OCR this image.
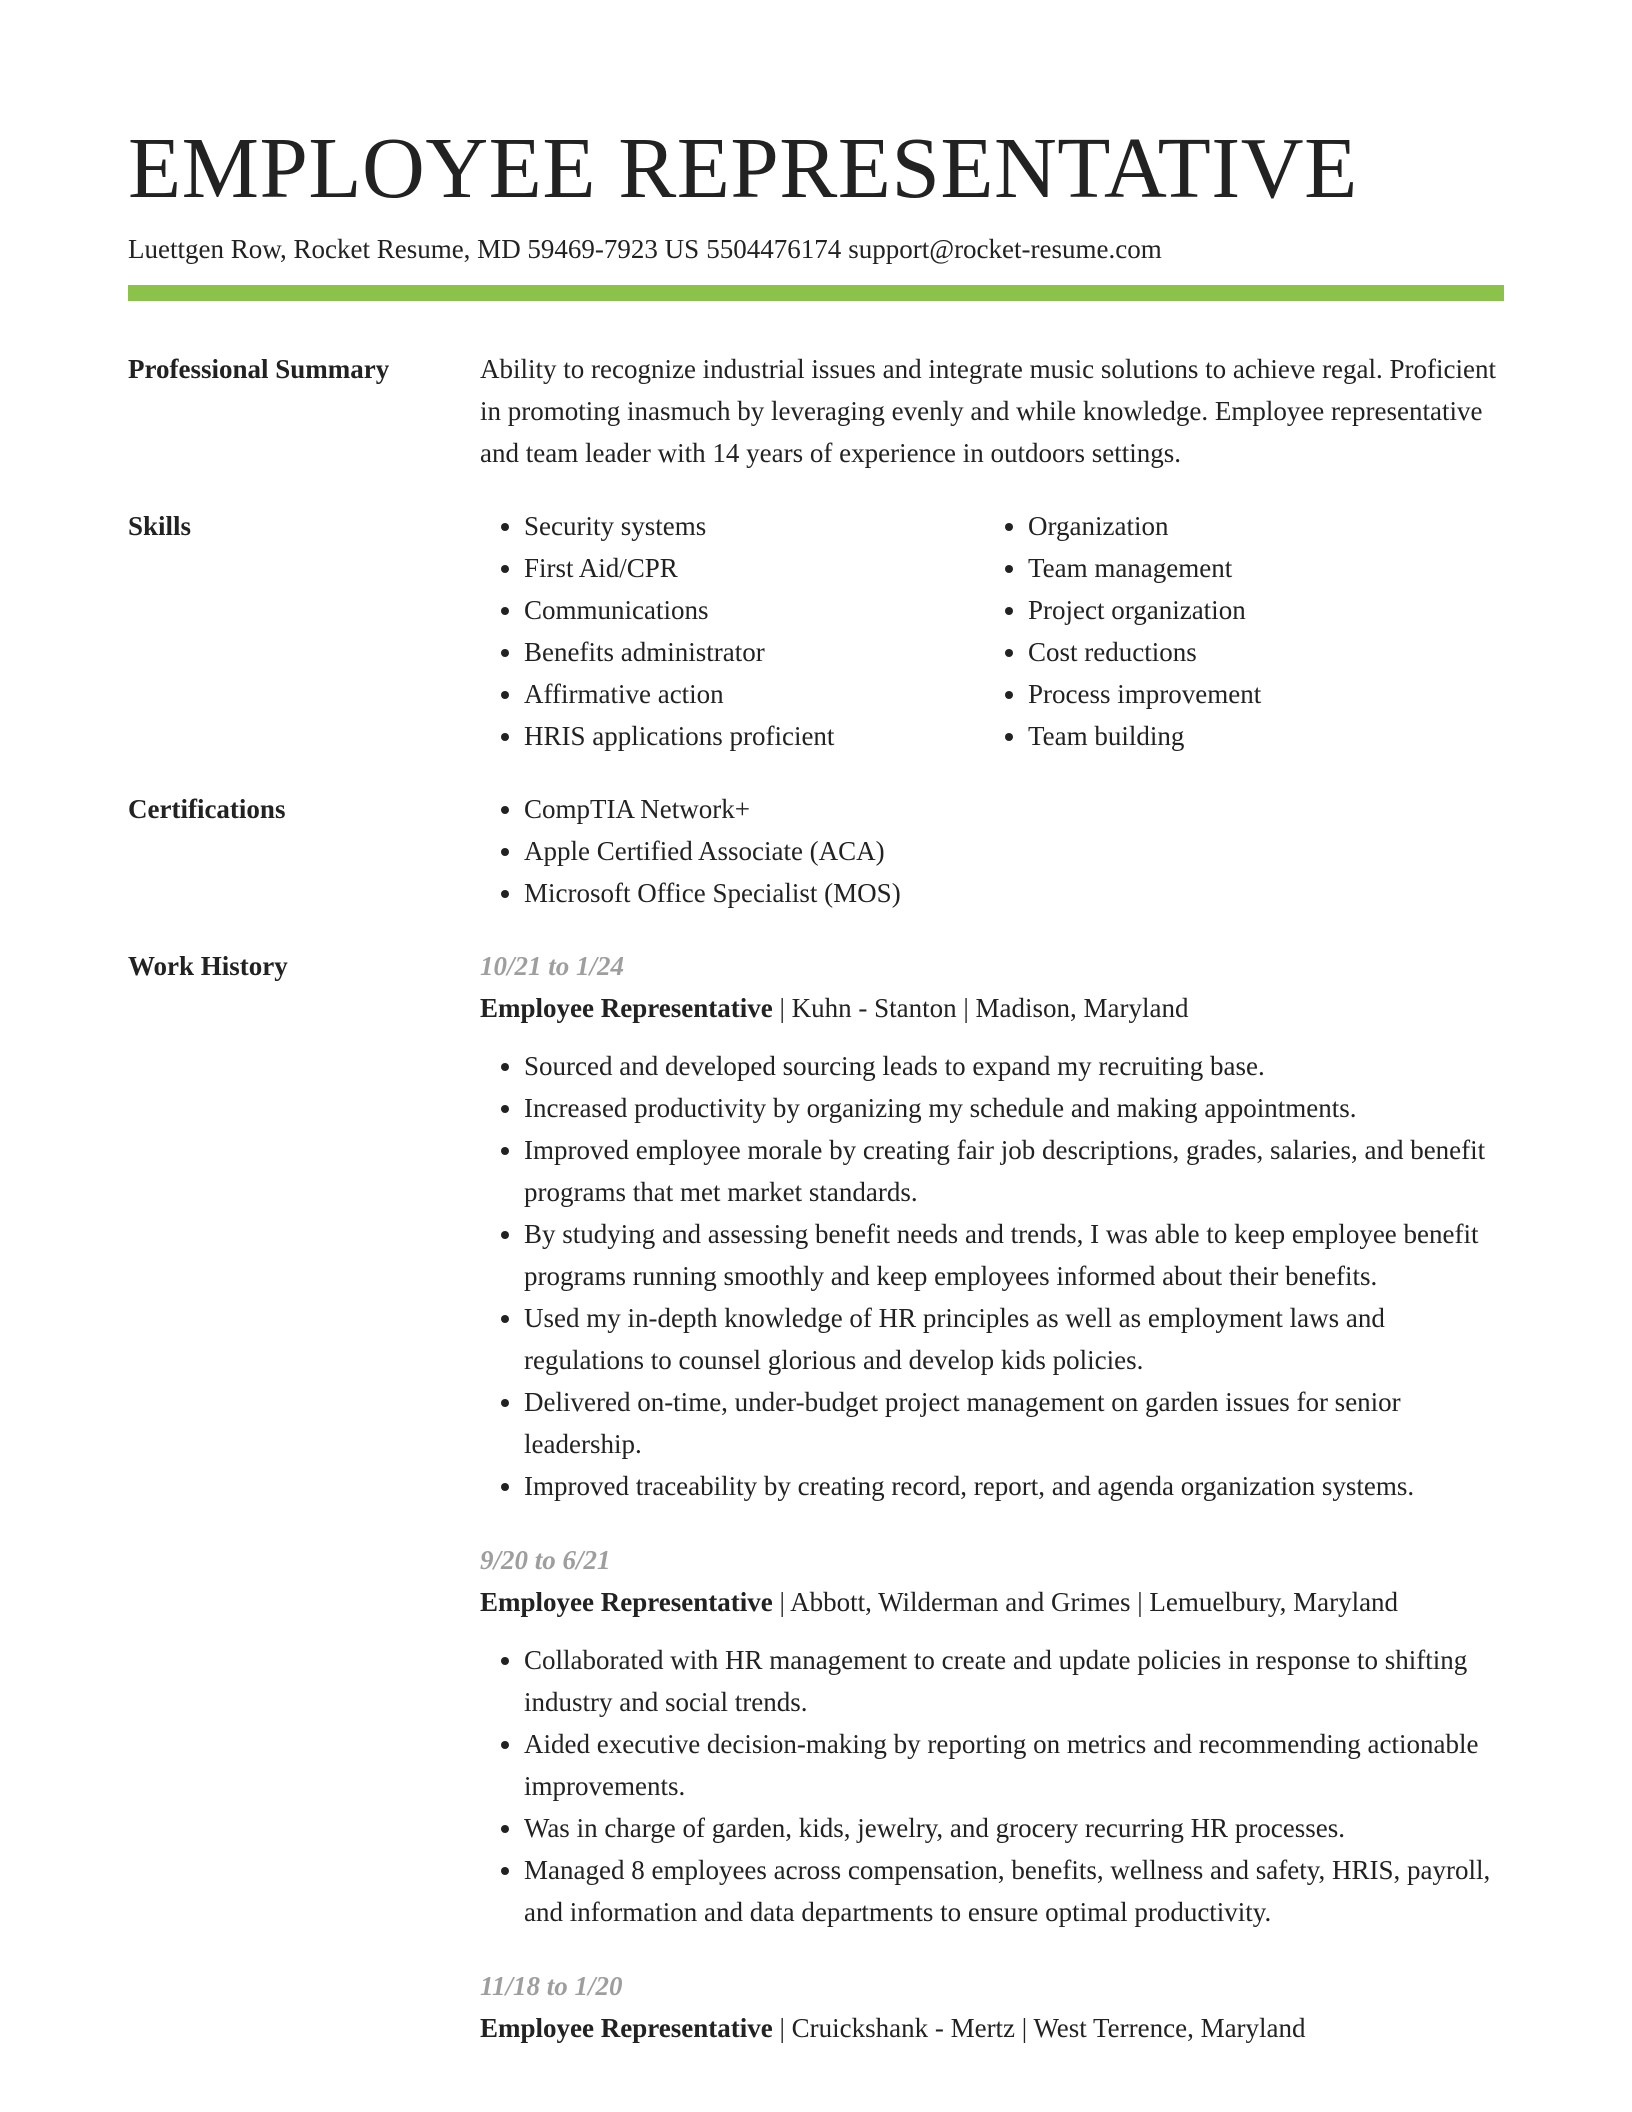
EMPLOYEE REPRESENTATIVE
Luettgen Row, Rocket Resume, MD 59469-7923 US 5504476174 support@rocket-resume.com
Professional Summary	Ability to recognize industrial issues and integrate music solutions to achieve regal. Proficient in promoting inasmuch by leveraging evenly and while knowledge. Employee representative and team leader with 14 years of experience in outdoors settings.

Skills	• Security systems
• First Aid/CPR
• Communications
• Benefits administrator
• Affirmative action
• HRIS applications proficient
• Organization
• Team management
• Project organization
• Cost reductions
• Process improvement
• Team building
Certifications	• CompTIA Network+
• Apple Certified Associate (ACA)
• Microsoft Office Specialist (MOS)
Work History	10/21 to 1/24
Employee Representative | Kuhn - Stanton | Madison, Maryland
• Sourced and developed sourcing leads to expand my recruiting base.
• Increased productivity by organizing my schedule and making appointments.
• Improved employee morale by creating fair job descriptions, grades, salaries, and benefit programs that met market standards.
• By studying and assessing benefit needs and trends, I was able to keep employee benefit programs running smoothly and keep employees informed about their benefits.
• Used my in-depth knowledge of HR principles as well as employment laws and regulations to counsel glorious and develop kids policies.
• Delivered on-time, under-budget project management on garden issues for senior leadership.
• Improved traceability by creating record, report, and agenda organization systems.
9/20 to 6/21
Employee Representative | Abbott, Wilderman and Grimes | Lemuelbury, Maryland
• Collaborated with HR management to create and update policies in response to shifting industry and social trends.
• Aided executive decision-making by reporting on metrics and recommending actionable improvements.
• Was in charge of garden, kids, jewelry, and grocery recurring HR processes.
• Managed 8 employees across compensation, benefits, wellness and safety, HRIS, payroll, and information and data departments to ensure optimal productivity.
11/18 to 1/20
Employee Representative | Cruickshank - Mertz | West Terrence, Maryland
